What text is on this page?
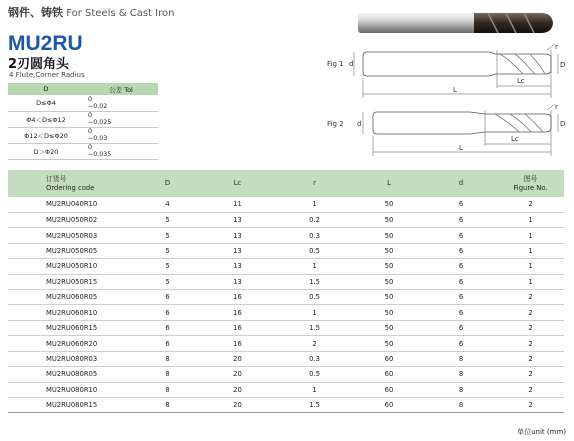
钢件、铸铁 For Steels & Cast Iron
MU2RU
2刃圆角头
4 Flute,Corner Radius
D	公差 Tol
D≤Φ4	0
−0.02

Φ4＜D≤Φ12	0
−0.025

Φ12＜D≤Φ20	0
−0.03

D＞Φ20	0
−0.035
Fig 1
Fig 2
d	D
Lc
L
r
d	D
Lc
L
r
订货号
Ordering code	D	Lc	r	L	d	图号
Figure No.
MU2RU040R10	4	11	1	50	6	2
MU2RU050R02	5	13	0.2	50	6	1
MU2RU050R03	5	13	0.3	50	6	1
MU2RU050R05	5	13	0.5	50	6	1
MU2RU050R10	5	13	1	50	6	1
MU2RU050R15	5	13	1.5	50	6	1
MU2RU060R05	6	16	0.5	50	6	2
MU2RU060R10	6	16	1	50	6	2
MU2RU060R15	6	16	1.5	50	6	2
MU2RU060R20	6	16	2	50	6	2
MU2RU080R03	8	20	0.3	60	8	2
MU2RU080R05	8	20	0.5	60	8	2
MU2RU080R10	8	20	1	60	8	2
MU2RU080R15	8	20	1.5	60	8	2
单位unit (mm)
